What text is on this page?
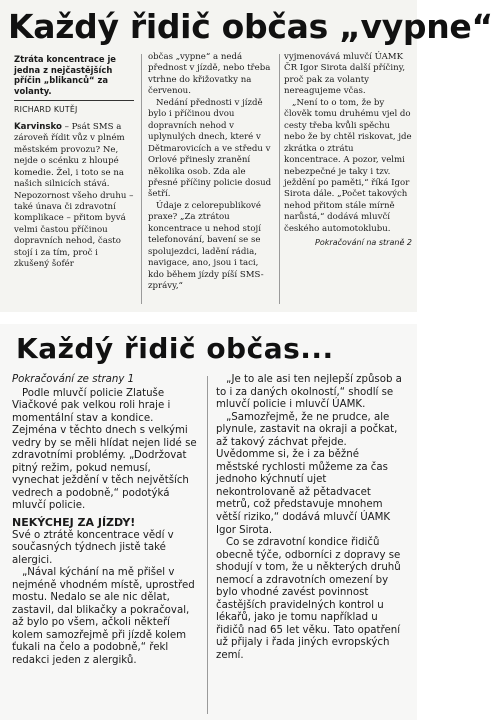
Každý řidič občas „vypne“
Ztráta koncentrace je jedna z nejčastějších příčin „blikanců“ za volanty.
RICHARD KUTĚJ

Karvinsko – Psát SMS a zároveň řídit vůz v plném městském provozu? Ne, nejde o scénku z hloupé komedie. Žel, i toto se na našich silnicích stává. Nepozornost všeho druhu – také únava či zdravotní komplikace – přitom byvá velmi častou příčinou dopravních nehod, často stojí i za tím, proč i zkušený šofér

občas „vypne“ a nedá přednost v jízdě, nebo třeba vtrhne do křižovatky na červenou.

Nedání přednosti v jízdě bylo i příčinou dvou dopravních nehod v uplynulých dnech, které v Dětmarovicích a ve středu v Orlové přinesly zranění několika osob. Zda ale přesné příčiny policie dosud šetří.

Údaje z celorepublikové praxe? „Za ztrátou koncentrace u nehod stojí telefonování, bavení se se spolujezdci, ladění rádia, navigace, ano, jsou i taci, kdo během jízdy píší SMS-zprávy,“

vyjmenovává mluvčí ÚAMK ČR Igor Sirota další příčiny, proč pak za volanty nereagujeme včas.

„Není to o tom, že by člověk tomu druhému vjel do cesty třeba kvůli spěchu nebo že by chtěl riskovat, jde zkrátka o ztrátu koncentrace. A pozor, velmi nebezpečné je taky i tzv. ježdění po paměti,“ říká Igor Sirota dále. „Počet takových nehod přitom stále mírně narůstá,“ dodává mluvčí českého automotoklubu.

Pokračování na straně 2
Každý řidič občas...
Pokračování ze strany 1

Podle mluvčí policie Zlatuše Viačkové pak velkou roli hraje i momentální stav a kondice. Zejména v těchto dnech s velkými vedry by se měli hlídat nejen lidé se zdravotními problémy. „Dodržovat pitný režim, pokud nemusí, vynechat ježdění v těch největších vedrech a podobně,“ podotýká mluvčí policie.

NEKÝCHEJ ZA JÍZDY!

Své o ztrátě koncentrace vědí v současných týdnech jistě také alergici.

„Nával kýchání na mě přišel v nejméně vhodném místě, uprostřed mostu. Nedalo se ale nic dělat, zastavil, dal blikačky a pokračoval, až bylo po všem, ačkoli někteří kolem samozřejmě při jízdě kolem ťukali na čelo a podobně,“ řekl redakci jeden z alergiků.

„Je to ale asi ten nejlepší způsob a to i za daných okolností,“ shodlí se mluvčí policie i mluvčí ÚAMK.

„Samozřejmě, že ne prudce, ale plynule, zastavit na okraji a počkat, až takový záchvat přejde. Uvědomme si, že i za běžné městské rychlosti můžeme za čas jednoho kýchnutí ujet nekontrolovaně až pětadvacet metrů, což představuje mnohem větší riziko,“ dodává mluvčí ÚAMK Igor Sirota.

Co se zdravotní kondice řidičů obecně týče, odborníci z dopravy se shodují v tom, že u některých druhů nemocí a zdravotních omezení by bylo vhodné zavést povinnost častějších pravidelných kontrol u lékařů, jako je tomu například u řidičů nad 65 let věku. Tato opatření už přijaly i řada jiných evropských zemí.
